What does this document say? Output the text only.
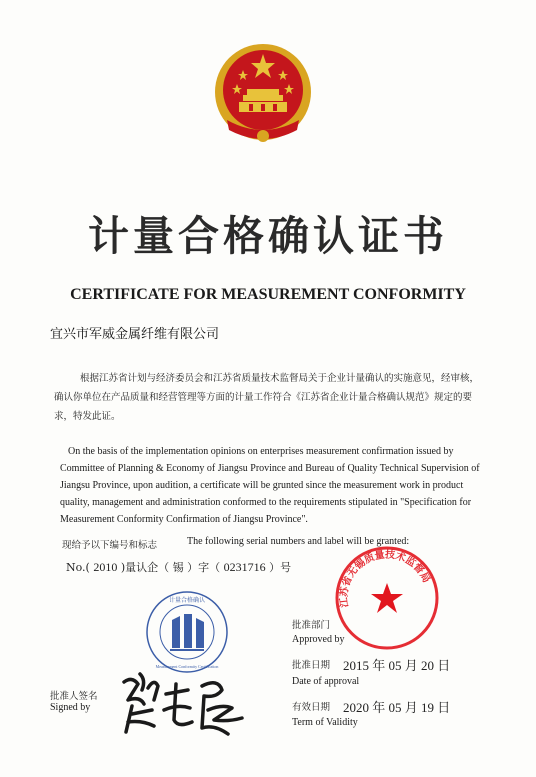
计量合格确认证书
CERTIFICATE FOR MEASUREMENT CONFORMITY
宜兴市军威金属纤维有限公司
根据江苏省计划与经济委员会和江苏省质量技术监督局关于企业计量确认的实施意见，经审核，确认你单位在产品质量和经营管理等方面的计量工作符合《江苏省企业计量合格确认规范》规定的要求，特发此证。
On the basis of the implementation opinions on enterprises measurement confirmation issued by Committee of Planning & Economy of Jiangsu Province and Bureau of Quality Technical Supervision of Jiangsu Province, upon audition, a certificate will be grunted since the measurement work in product quality, management and administration conformed to the requirements stipulated in "Specification for Measurement Conformity Confirmation of Jiangsu Province".
现给予以下编号和标志	The following serial numbers and label will be granted:
No.( 2010 )量认企（ 锡 ）字（ 0231716 ）号
计量合格确认
Measurement Conformity Certification
江苏省无锡质量技术监督局
批准部门
Approved by
批准日期 2015 年 05 月 20 日
Date of approval
有效日期 2020 年 05 月 19 日
Term of Validity
批准人签名
Signed by
